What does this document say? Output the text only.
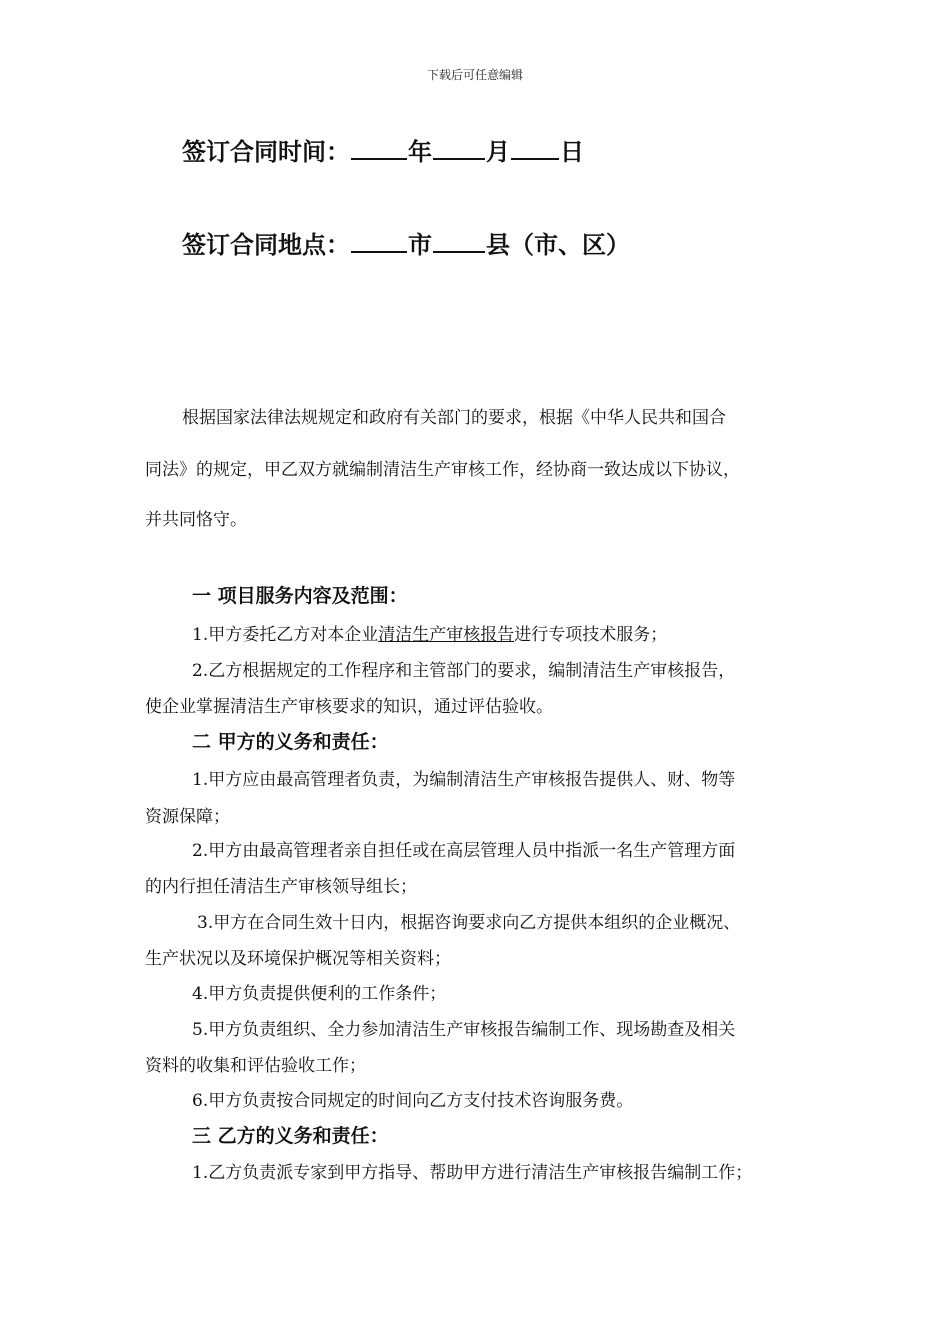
下载后可任意编辑
签订合同时间： 年 月 日
签订合同地点： 市 县（市、区）
根据国家法律法规规定和政府有关部门的要求，根据《中华人民共和国合
同法》的规定，甲乙双方就编制清洁生产审核工作，经协商一致达成以下协议，
并共同恪守。
一 项目服务内容及范围：
1.甲方委托乙方对本企业清洁生产审核报告进行专项技术服务；
2.乙方根据规定的工作程序和主管部门的要求，编制清洁生产审核报告，
使企业掌握清洁生产审核要求的知识，通过评估验收。
二 甲方的义务和责任：
1.甲方应由最高管理者负责，为编制清洁生产审核报告提供人、财、物等
资源保障；
2.甲方由最高管理者亲自担任或在高层管理人员中指派一名生产管理方面
的内行担任清洁生产审核领导组长；
3.甲方在合同生效十日内，根据咨询要求向乙方提供本组织的企业概况、
生产状况以及环境保护概况等相关资料；
4.甲方负责提供便利的工作条件；
5.甲方负责组织、全力参加清洁生产审核报告编制工作、现场勘查及相关
资料的收集和评估验收工作；
6.甲方负责按合同规定的时间向乙方支付技术咨询服务费。
三 乙方的义务和责任：
1.乙方负责派专家到甲方指导、帮助甲方进行清洁生产审核报告编制工作；
